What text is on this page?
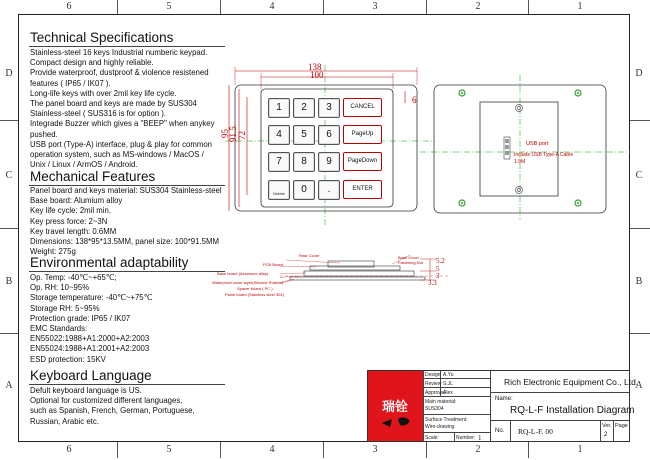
6	5	4	3	2	1
6	5	4	3	2	1
D
C
B
A
D
C
B
A
Technical Specifications
Stainless-steel 16 keys Industrial numberic keypad.
Compact design and highly reliable.
Provide waterproof, dustproof & violence resistened
features ( IP65 / IK07 ).
Long-life keys with over 2mil key life cycle.
The panel board and keys are made by SUS304
Stainless-steel ( SUS316 is for option ).
Integrade Buzzer which gives a "BEEP" when anykey
pushed.
USB port (Type-A) interface, plug & play for common
operation system, such as MS-windows / MacOS /
Unix / Linux / ArmOS / Android.
Mechanical Features
Panel board and keys material: SUS304 Stainless-steel
Base board: Alumium alloy
Key life cycle: 2mil min.
Key press force: 2~3N
Key travel length: 0.6MM
Dimensions: 138*95*13.5MM, panel size: 100*91.5MM
Weight: 275g
Environmental adaptability
Op. Temp: -40℃~+65℃;
Op. RH: 10~95%
Storage temperature: -40℃~+75℃
Storage RH: 5~95%
Protection grade: IP65 / IK07
EMC Standards:
EN55022:1988+A1:2000+A2:2003
EN55024:1988+A1:2001+A2:2003
ESD protection: 15KV
Keyboard Language
Defult keyboard language is US.
Optional for customized different languages,
such as Spanish, French, German, Portuguese,
Russian, Arabic etc.
138
100
95
91.5 72
6
1	2	3
4	5	6
7	8	9
Delete	0	.
CANCEL
PageUp
PageDown
ENTER
USB port
Include USB Type-A Cable
1.9M
Rear Cover
PCB Board
Base Cover
Fastening Nut
Base board (Aluminum alloy)
Waterproof cover layer(Silicone Rubber)
Spacer board ( PC )
Panel board (Stainless steel 304)
5.2
5
3
3.3
瑞铨
Design A.Yu
Review S.JL
Approval
Alex
Main material:
SUS304
Surface Treatment:
Wire-drawing
Scale:	Number: 1
Rich Electronic Equipment Co., Ltd.
Name:
RQ-L-F Installation Diagram
No. RQ-L-F. 00
Ver.
2
Page
